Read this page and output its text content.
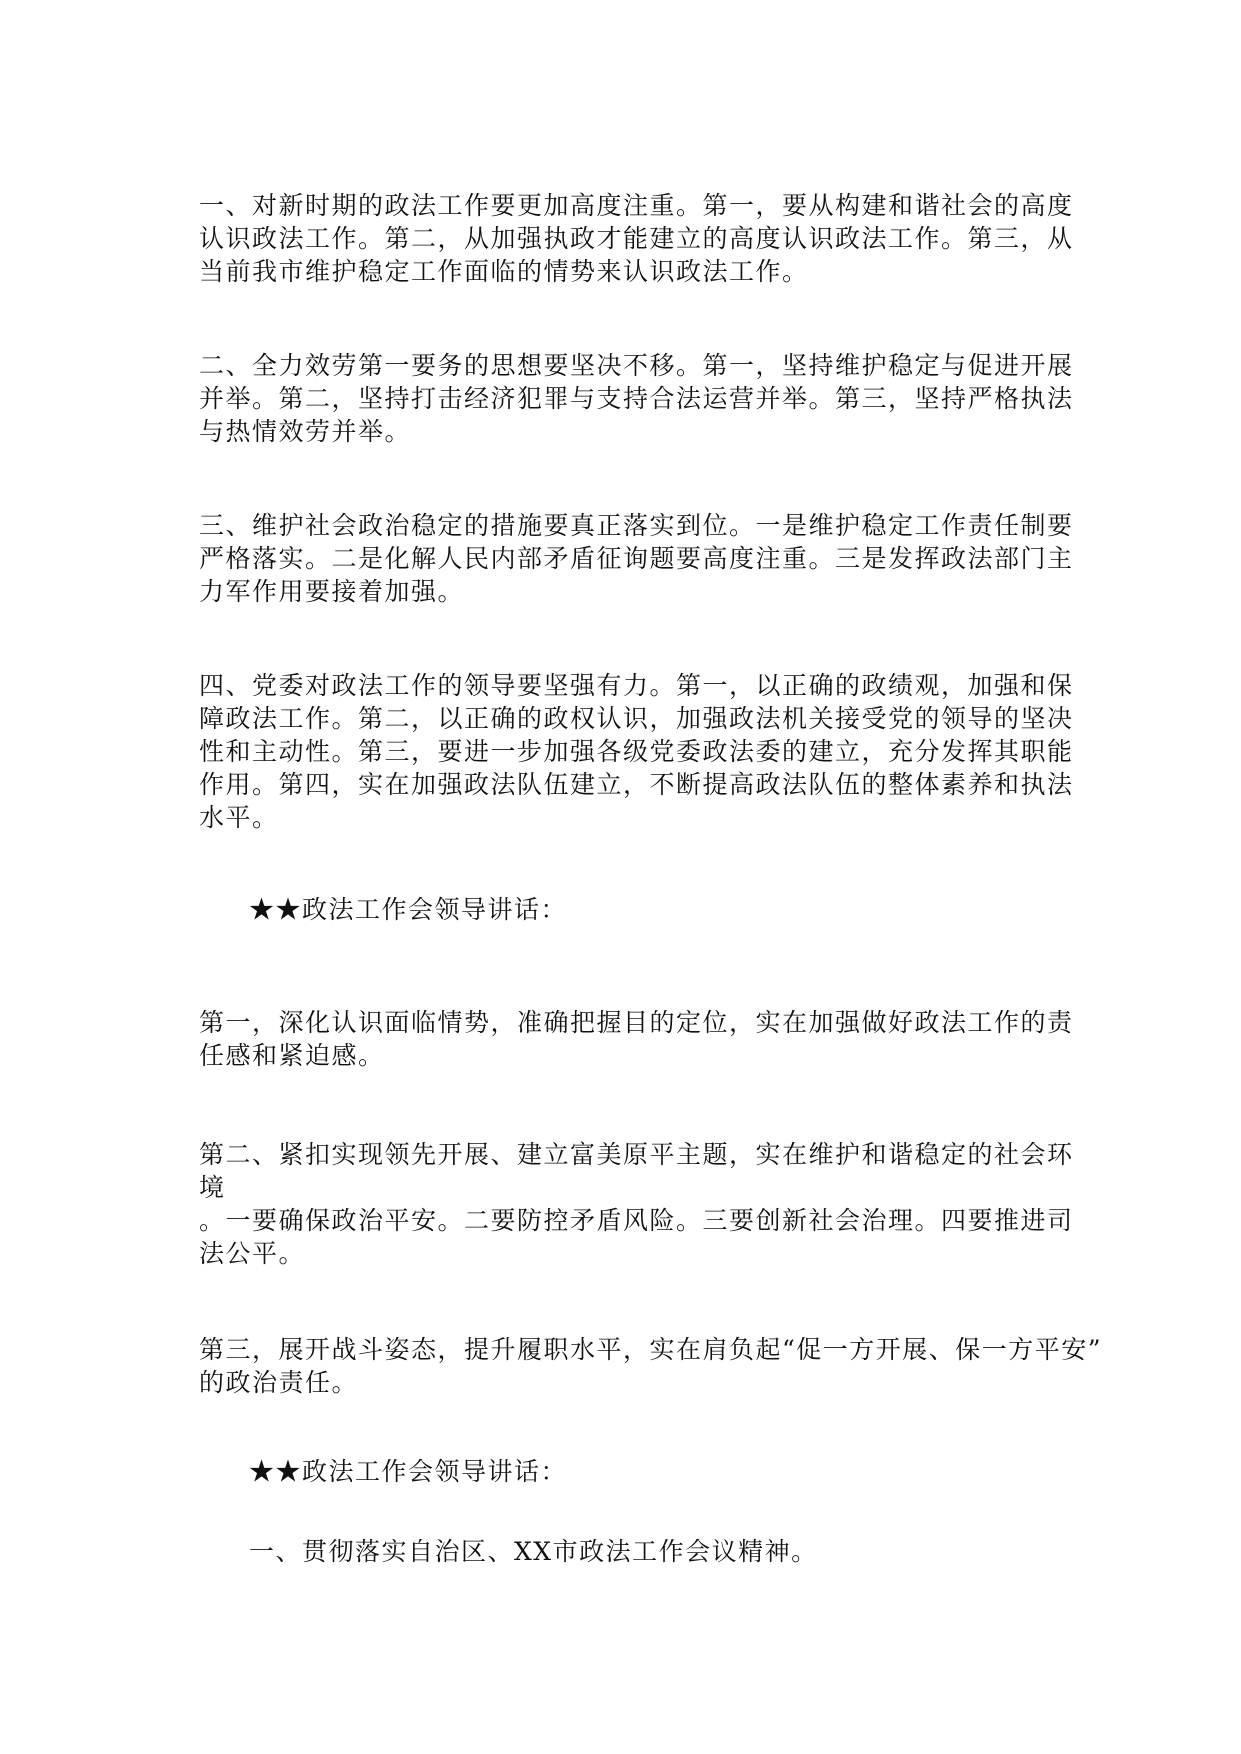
一、对新时期的政法工作要更加高度注重。第一，要从构建和谐社会的高度
认识政法工作。第二，从加强执政才能建立的高度认识政法工作。第三，从
当前我市维护稳定工作面临的情势来认识政法工作。
二、全力效劳第一要务的思想要坚决不移。第一，坚持维护稳定与促进开展
并举。第二，坚持打击经济犯罪与支持合法运营并举。第三，坚持严格执法
与热情效劳并举。
三、维护社会政治稳定的措施要真正落实到位。一是维护稳定工作责任制要
严格落实。二是化解人民内部矛盾征询题要高度注重。三是发挥政法部门主
力军作用要接着加强。
四、党委对政法工作的领导要坚强有力。第一，以正确的政绩观，加强和保
障政法工作。第二，以正确的政权认识，加强政法机关接受党的领导的坚决
性和主动性。第三，要进一步加强各级党委政法委的建立，充分发挥其职能
作用。第四，实在加强政法队伍建立，不断提高政法队伍的整体素养和执法
水平。
★★政法工作会领导讲话：
第一，深化认识面临情势，准确把握目的定位，实在加强做好政法工作的责
任感和紧迫感。
第二、紧扣实现领先开展、建立富美原平主题，实在维护和谐稳定的社会环
境
。一要确保政治平安。二要防控矛盾风险。三要创新社会治理。四要推进司
法公平。
第三，展开战斗姿态，提升履职水平，实在肩负起“促一方开展、保一方平安”
的政治责任。
★★政法工作会领导讲话：
一、贯彻落实自治区、XX市政法工作会议精神。
